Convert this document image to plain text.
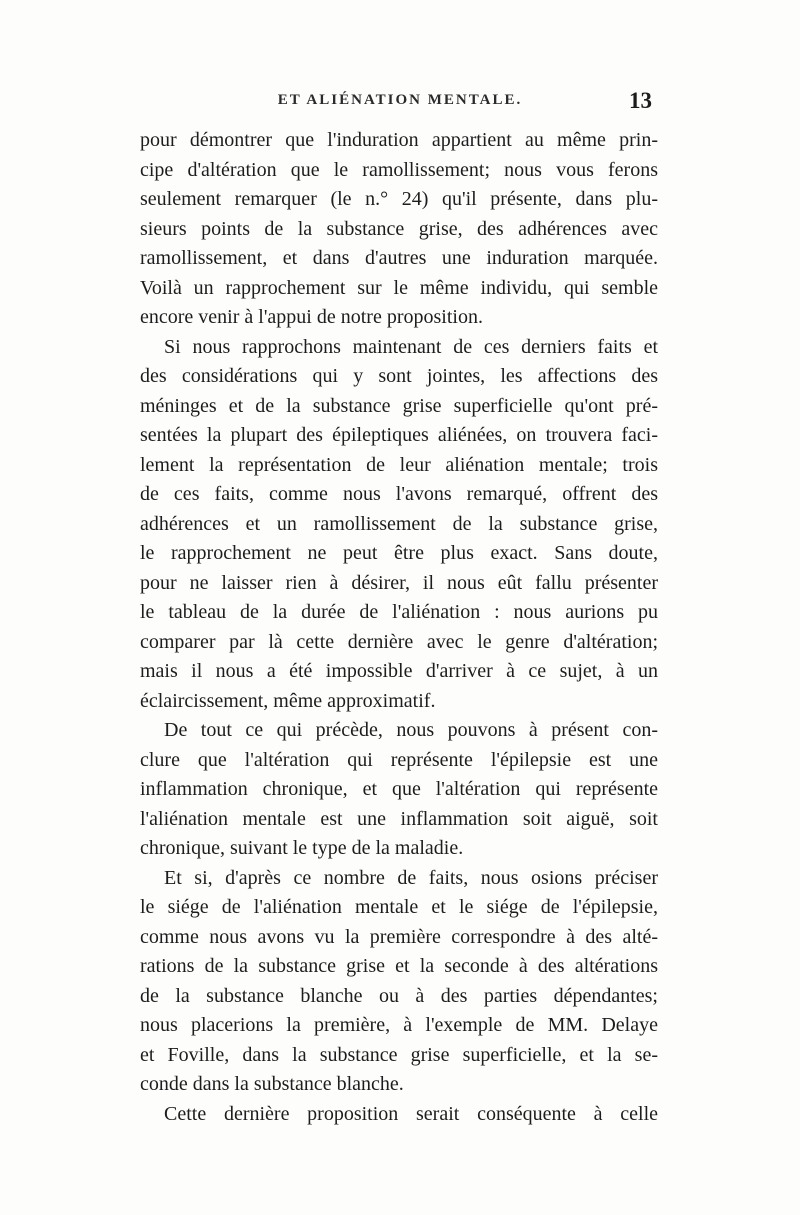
ET ALIÉNATION MENTALE.	13
pour démontrer que l'induration appartient au même prin-
cipe d'altération que le ramollissement; nous vous ferons
seulement remarquer (le n.° 24) qu'il présente, dans plu-
sieurs points de la substance grise, des adhérences avec
ramollissement, et dans d'autres une induration marquée.
Voilà un rapprochement sur le même individu, qui semble
encore venir à l'appui de notre proposition.
Si nous rapprochons maintenant de ces derniers faits et
des considérations qui y sont jointes, les affections des
méninges et de la substance grise superficielle qu'ont pré-
sentées la plupart des épileptiques aliénées, on trouvera faci-
lement la représentation de leur aliénation mentale; trois
de ces faits, comme nous l'avons remarqué, offrent des
adhérences et un ramollissement de la substance grise,
le rapprochement ne peut être plus exact. Sans doute,
pour ne laisser rien à désirer, il nous eût fallu présenter
le tableau de la durée de l'aliénation : nous aurions pu
comparer par là cette dernière avec le genre d'altération;
mais il nous a été impossible d'arriver à ce sujet, à un
éclaircissement, même approximatif.
De tout ce qui précède, nous pouvons à présent con-
clure que l'altération qui représente l'épilepsie est une
inflammation chronique, et que l'altération qui représente
l'aliénation mentale est une inflammation soit aiguë, soit
chronique, suivant le type de la maladie.
Et si, d'après ce nombre de faits, nous osions préciser
le siége de l'aliénation mentale et le siége de l'épilepsie,
comme nous avons vu la première correspondre à des alté-
rations de la substance grise et la seconde à des altérations
de la substance blanche ou à des parties dépendantes;
nous placerions la première, à l'exemple de MM. Delaye
et Foville, dans la substance grise superficielle, et la se-
conde dans la substance blanche.
Cette dernière proposition serait conséquente à celle
